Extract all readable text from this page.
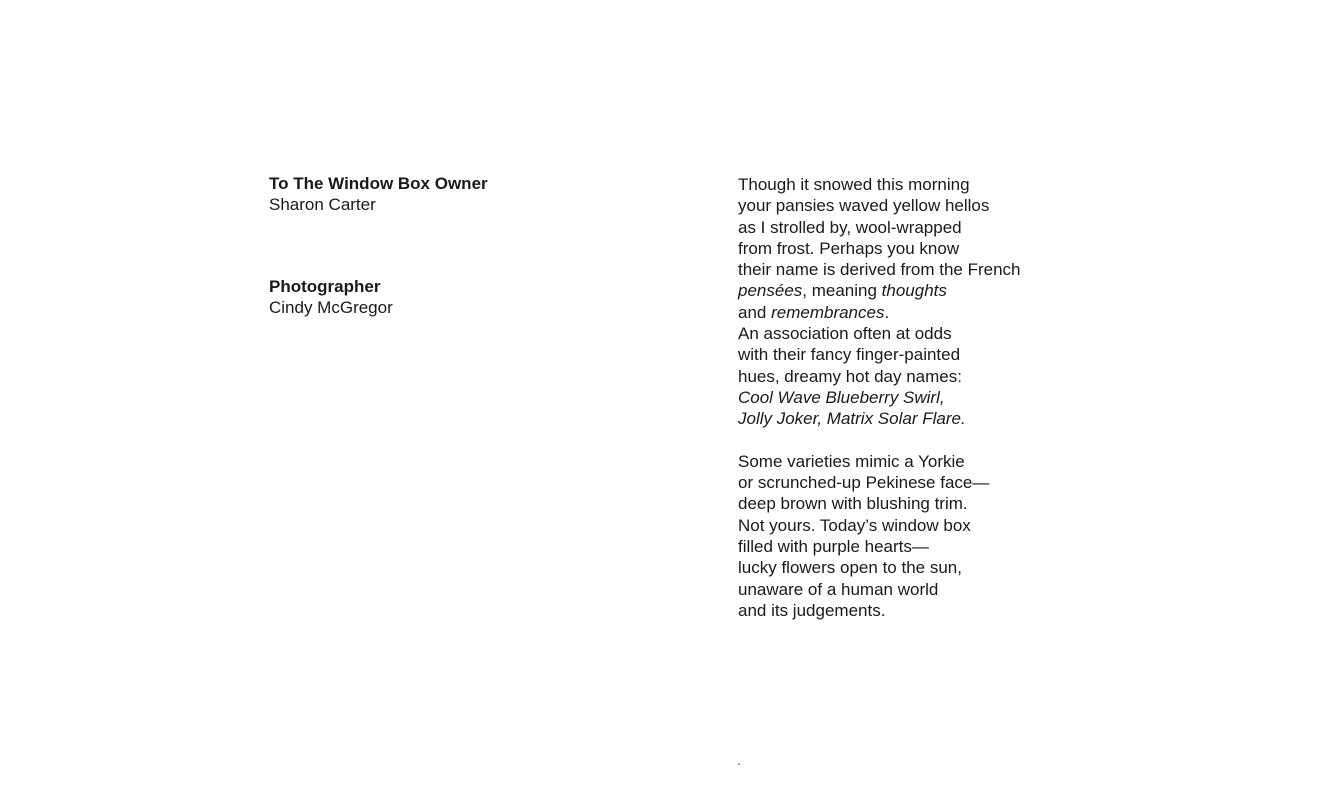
To The Window Box Owner
Sharon Carter
Photographer
Cindy McGregor
Though it snowed this morning
your pansies waved yellow hellos
as I strolled by, wool-wrapped
from frost. Perhaps you know
their name is derived from the French
pensées, meaning thoughts
and remembrances.
An association often at odds
with their fancy finger-painted
hues, dreamy hot day names:
Cool Wave Blueberry Swirl,
Jolly Joker, Matrix Solar Flare.
Some varieties mimic a Yorkie
or scrunched-up Pekinese face—
deep brown with blushing trim.
Not yours. Today’s window box
filled with purple hearts—
lucky flowers open to the sun,
unaware of a human world
and its judgements.
.
